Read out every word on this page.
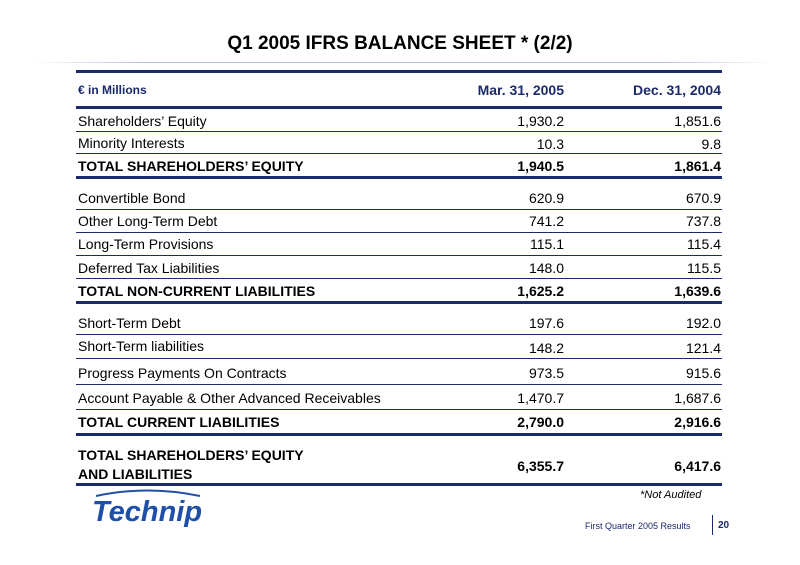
Q1 2005 IFRS BALANCE SHEET * (2/2)
€ in Millions	Mar. 31, 2005	Dec. 31, 2004
Shareholders’ Equity	1,930.2	1,851.6
Minority Interests	10.3	9.8
TOTAL SHAREHOLDERS’ EQUITY	1,940.5	1,861.4
Convertible Bond	620.9	670.9
Other Long-Term Debt	741.2	737.8
Long-Term Provisions	115.1	115.4
Deferred Tax Liabilities	148.0	115.5
TOTAL NON-CURRENT LIABILITIES	1,625.2	1,639.6
Short-Term Debt	197.6	192.0
Short-Term liabilities	148.2	121.4
Progress Payments On Contracts	973.5	915.6
Account Payable & Other Advanced Receivables	1,470.7	1,687.6
TOTAL CURRENT LIABILITIES	2,790.0	2,916.6
TOTAL SHAREHOLDERS’ EQUITY
AND LIABILITIES	6,355.7	6,417.6
*Not Audited
Technip	First Quarter 2005 Results	20
